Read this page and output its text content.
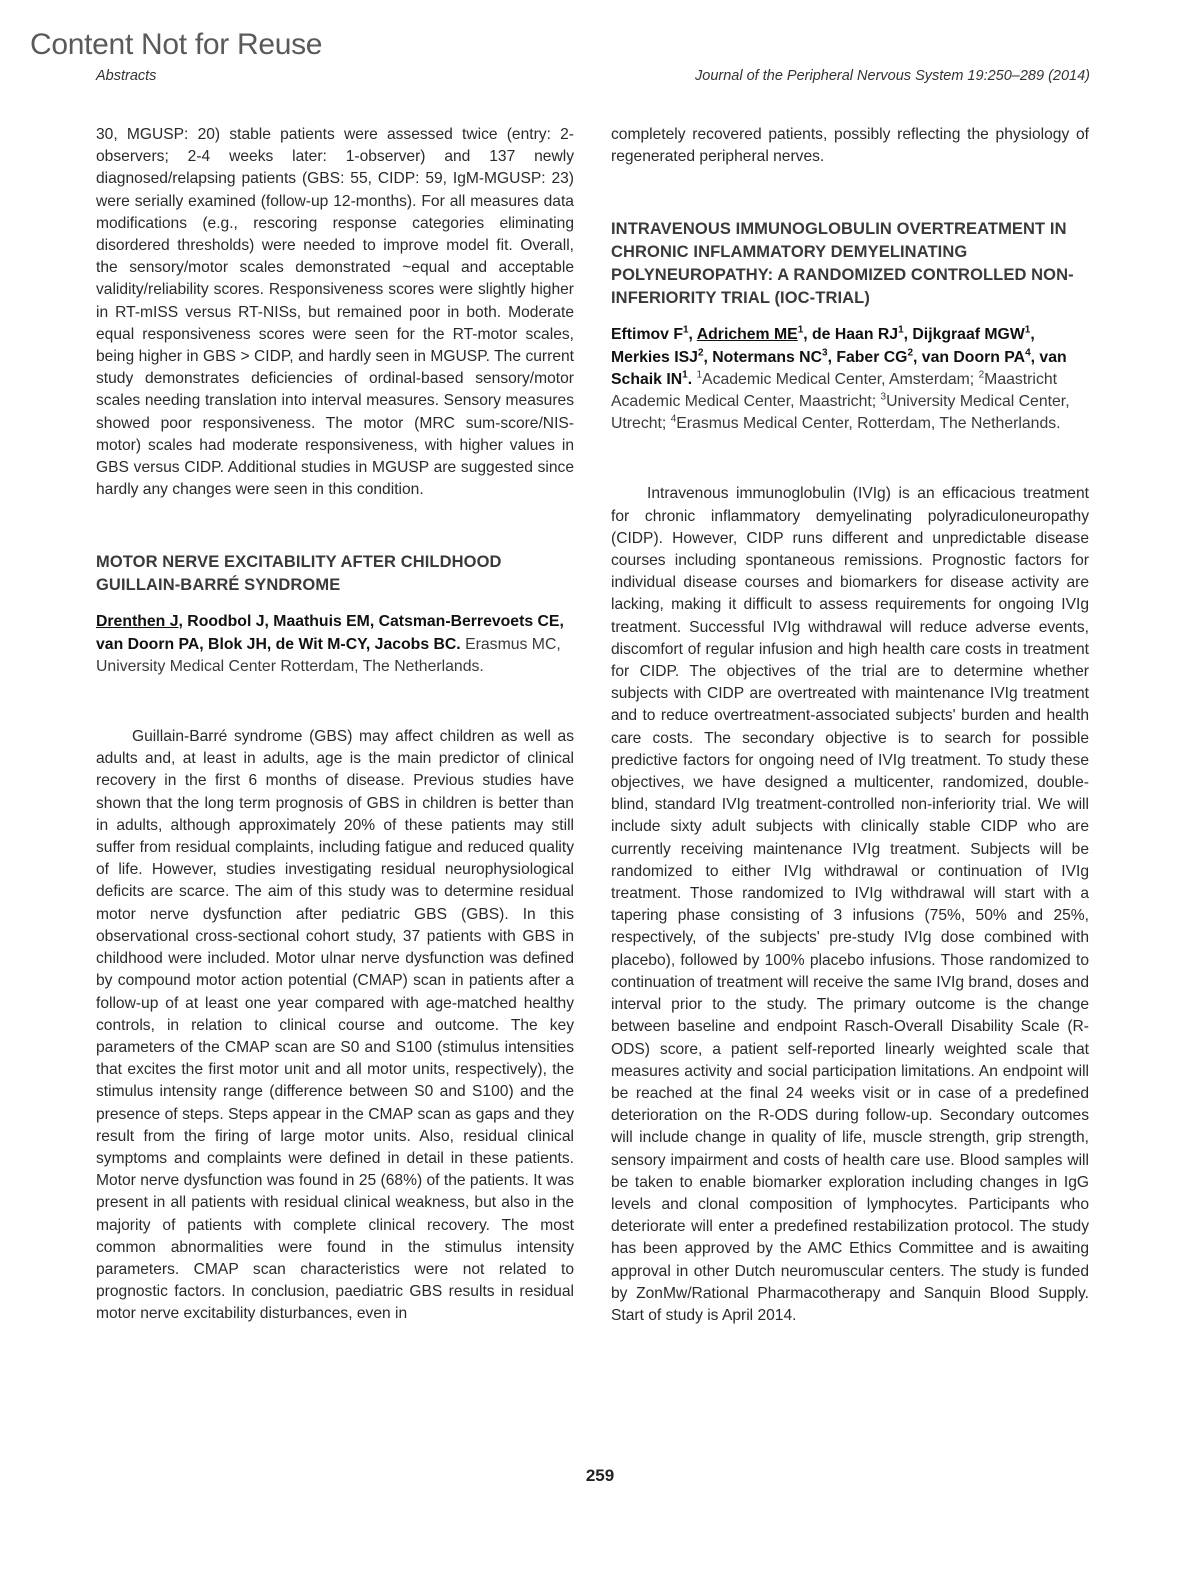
Content Not for Reuse
Abstracts	Journal of the Peripheral Nervous System 19:250–289 (2014)

30, MGUSP: 20) stable patients were assessed twice (entry: 2-observers; 2-4 weeks later: 1-observer) and 137 newly diagnosed/relapsing patients (GBS: 55, CIDP: 59, IgM-MGUSP: 23) were serially examined (follow-up 12-months). For all measures data modifications (e.g., rescoring response categories eliminating disordered thresholds) were needed to improve model fit. Overall, the sensory/motor scales demonstrated ~equal and acceptable validity/reliability scores. Responsiveness scores were slightly higher in RT-mISS versus RT-NISs, but remained poor in both. Moderate equal responsiveness scores were seen for the RT-motor scales, being higher in GBS > CIDP, and hardly seen in MGUSP. The current study demonstrates deficiencies of ordinal-based sensory/motor scales needing translation into interval measures. Sensory measures showed poor responsiveness. The motor (MRC sum-score/NIS-motor) scales had moderate responsiveness, with higher values in GBS versus CIDP. Additional studies in MGUSP are suggested since hardly any changes were seen in this condition.

MOTOR NERVE EXCITABILITY AFTER CHILDHOOD GUILLAIN-BARRÉ SYNDROME

Drenthen J, Roodbol J, Maathuis EM, Catsman-Berrevoets CE, van Doorn PA, Blok JH, de Wit M-CY, Jacobs BC. Erasmus MC, University Medical Center Rotterdam, The Netherlands.

Guillain-Barré syndrome (GBS) may affect children as well as adults and, at least in adults, age is the main predictor of clinical recovery in the first 6 months of disease. Previous studies have shown that the long term prognosis of GBS in children is better than in adults, although approximately 20% of these patients may still suffer from residual complaints, including fatigue and reduced quality of life. However, studies investigating residual neurophysiological deficits are scarce. The aim of this study was to determine residual motor nerve dysfunction after pediatric GBS (GBS). In this observational cross-sectional cohort study, 37 patients with GBS in childhood were included. Motor ulnar nerve dysfunction was defined by compound motor action potential (CMAP) scan in patients after a follow-up of at least one year compared with age-matched healthy controls, in relation to clinical course and outcome. The key parameters of the CMAP scan are S0 and S100 (stimulus intensities that excites the first motor unit and all motor units, respectively), the stimulus intensity range (difference between S0 and S100) and the presence of steps. Steps appear in the CMAP scan as gaps and they result from the firing of large motor units. Also, residual clinical symptoms and complaints were defined in detail in these patients. Motor nerve dysfunction was found in 25 (68%) of the patients. It was present in all patients with residual clinical weakness, but also in the majority of patients with complete clinical recovery. The most common abnormalities were found in the stimulus intensity parameters. CMAP scan characteristics were not related to prognostic factors. In conclusion, paediatric GBS results in residual motor nerve excitability disturbances, even in

completely recovered patients, possibly reflecting the physiology of regenerated peripheral nerves.

INTRAVENOUS IMMUNOGLOBULIN OVERTREATMENT IN CHRONIC INFLAMMATORY DEMYELINATING POLYNEUROPATHY: A RANDOMIZED CONTROLLED NON-INFERIORITY TRIAL (IOC-TRIAL)

Eftimov $F^1$, Adrichem $ME^1$, de Haan $RJ^1$, Dijkgraaf MGW$^1$, Merkies ISJ$^2$, Notermans $NC^3$, Faber $CG^2$, van Doorn $PA^4$, van Schaik $IN^1$. $^1$Academic Medical Center, Amsterdam; $^2$Maastricht Academic Medical Center, Maastricht; $^3$University Medical Center, Utrecht; $^4$Erasmus Medical Center, Rotterdam, The Netherlands.

Intravenous immunoglobulin (IVIg) is an efficacious treatment for chronic inflammatory demyelinating polyradiculoneuropathy (CIDP). However, CIDP runs different and unpredictable disease courses including spontaneous remissions. Prognostic factors for individual disease courses and biomarkers for disease activity are lacking, making it difficult to assess requirements for ongoing IVIg treatment. Successful IVIg withdrawal will reduce adverse events, discomfort of regular infusion and high health care costs in treatment for CIDP. The objectives of the trial are to determine whether subjects with CIDP are overtreated with maintenance IVIg treatment and to reduce overtreatment-associated subjects' burden and health care costs. The secondary objective is to search for possible predictive factors for ongoing need of IVIg treatment. To study these objectives, we have designed a multicenter, randomized, double-blind, standard IVIg treatment-controlled non-inferiority trial. We will include sixty adult subjects with clinically stable CIDP who are currently receiving maintenance IVIg treatment. Subjects will be randomized to either IVIg withdrawal or continuation of IVIg treatment. Those randomized to IVIg withdrawal will start with a tapering phase consisting of 3 infusions (75%, 50% and 25%, respectively, of the subjects' pre-study IVIg dose combined with placebo), followed by 100% placebo infusions. Those randomized to continuation of treatment will receive the same IVIg brand, doses and interval prior to the study. The primary outcome is the change between baseline and endpoint Rasch-Overall Disability Scale (R-ODS) score, a patient self-reported linearly weighted scale that measures activity and social participation limitations. An endpoint will be reached at the final 24 weeks visit or in case of a predefined deterioration on the R-ODS during follow-up. Secondary outcomes will include change in quality of life, muscle strength, grip strength, sensory impairment and costs of health care use. Blood samples will be taken to enable biomarker exploration including changes in IgG levels and clonal composition of lymphocytes. Participants who deteriorate will enter a predefined restabilization protocol. The study has been approved by the AMC Ethics Committee and is awaiting approval in other Dutch neuromuscular centers. The study is funded by ZonMw/Rational Pharmacotherapy and Sanquin Blood Supply. Start of study is April 2014.

259
